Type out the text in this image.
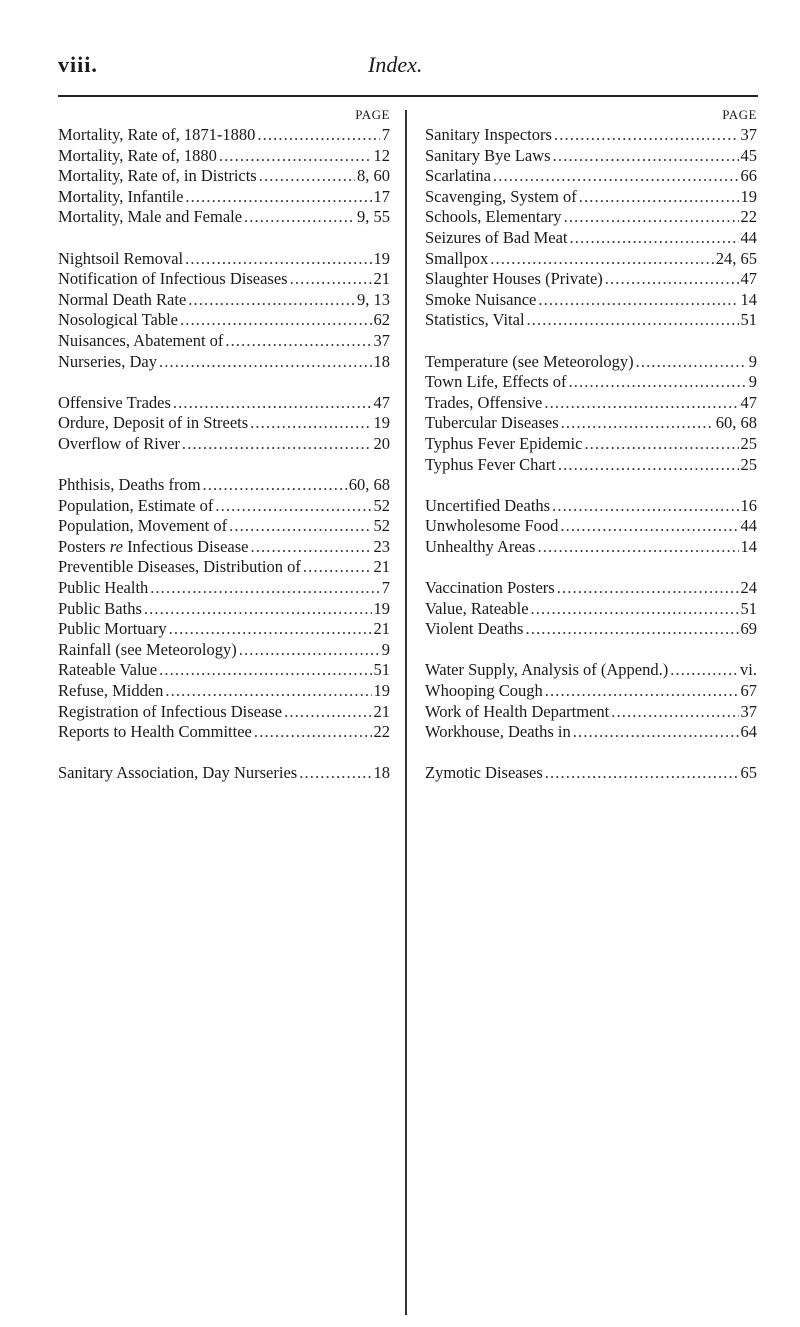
viii.	Index.
PAGE
Mortality, Rate of, 1871-1880 . . .	7
Mortality, Rate of, 1880 . . .	12
Mortality, Rate of, in Districts . . .	8, 60
Mortality, Infantile . . .	17
Mortality, Male and Female . . .	9, 55
Nightsoil Removal . . .	19
Notification of Infectious Diseases . . .	21
Normal Death Rate . . .	9, 13
Nosological Table . . .	62
Nuisances, Abatement of . . .	37
Nurseries, Day . . .	18
Offensive Trades . . .	47
Ordure, Deposit of in Streets . . .	19
Overflow of River . . .	20
Phthisis, Deaths from . . .	60, 68
Population, Estimate of . . .	52
Population, Movement of . . .	52
Posters re Infectious Disease . . .	23
Preventible Diseases, Distribution of . . .	21
Public Health . . .	7
Public Baths . . .	19
Public Mortuary . . .	21
Rainfall (see Meteorology) . . .	9
Rateable Value . . .	51
Refuse, Midden . . .	19
Registration of Infectious Disease . . .	21
Reports to Health Committee . . .	22
Sanitary Association, Day Nurseries . . .	18
PAGE
Sanitary Inspectors . . .	37
Sanitary Bye Laws . . .	45
Scarlatina . . .	66
Scavenging, System of . . .	19
Schools, Elementary . . .	22
Seizures of Bad Meat . . .	44
Smallpox . . .	24, 65
Slaughter Houses (Private) . . .	47
Smoke Nuisance . . .	14
Statistics, Vital . . .	51
Temperature (see Meteorology) . . .	9
Town Life, Effects of . . .	9
Trades, Offensive . . .	47
Tubercular Diseases . . .	60, 68
Typhus Fever Epidemic . . .	25
Typhus Fever Chart . . .	25
Uncertified Deaths . . .	16
Unwholesome Food . . .	44
Unhealthy Areas . . .	14
Vaccination Posters . . .	24
Value, Rateable . . .	51
Violent Deaths . . .	69
Water Supply, Analysis of (Append.) . . .	vi.
Whooping Cough . . .	67
Work of Health Department . . .	37
Workhouse, Deaths in . . .	64
Zymotic Diseases . . .	65
